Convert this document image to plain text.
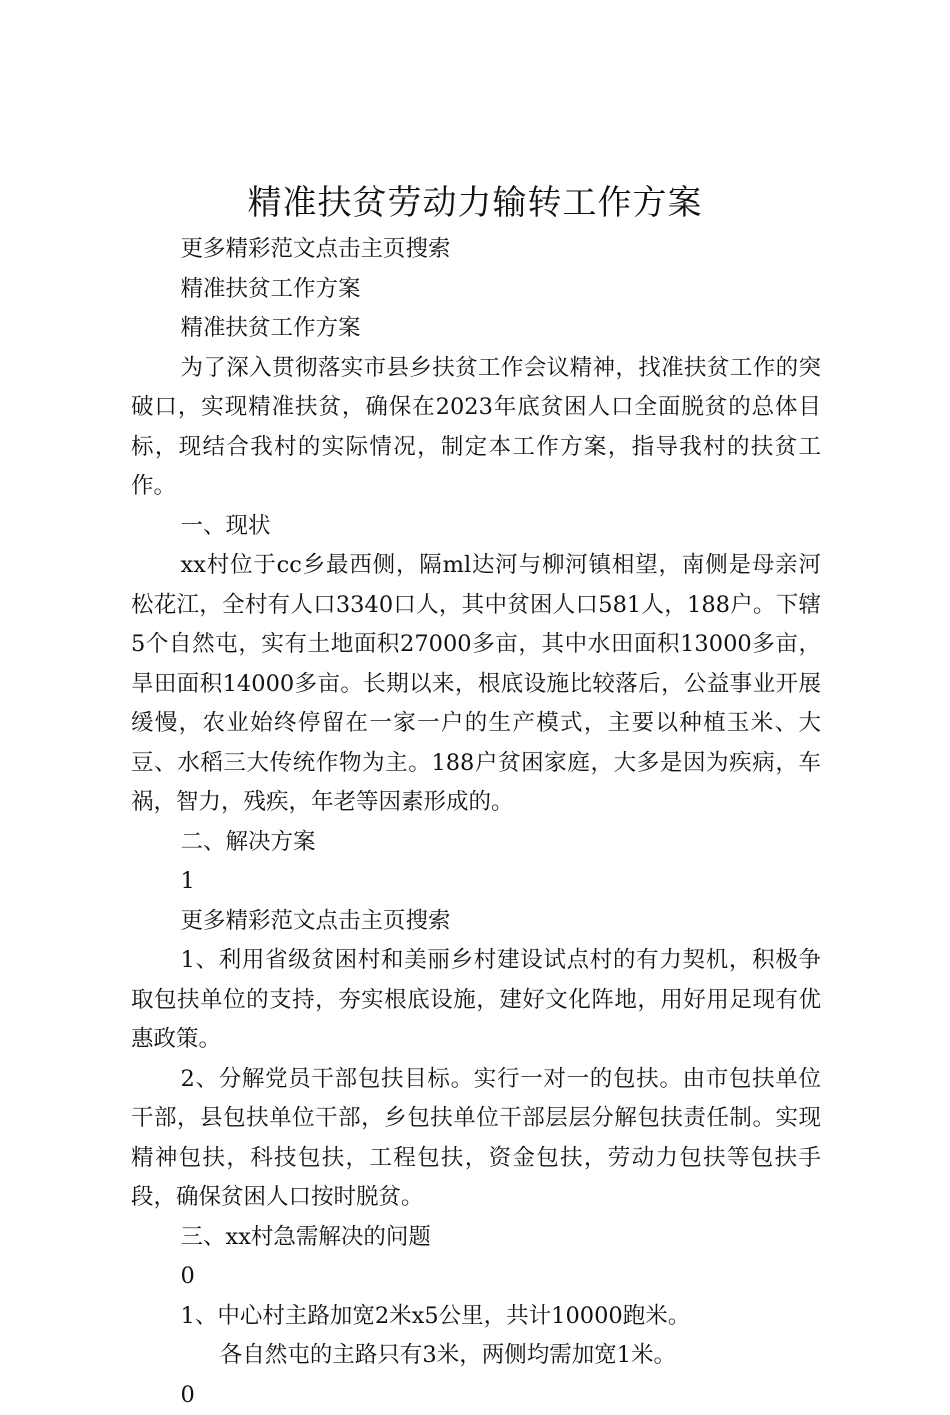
精准扶贫劳动力输转工作方案

更多精彩范文点击主页搜索

精准扶贫工作方案

精准扶贫工作方案

为了深入贯彻落实市县乡扶贫工作会议精神，找准扶贫工作的突破口，实现精准扶贫，确保在2023年底贫困人口全面脱贫的总体目标，现结合我村的实际情况，制定本工作方案，指导我村的扶贫工作。

一、现状

xx村位于cc乡最西侧，隔ml达河与柳河镇相望，南侧是母亲河松花江，全村有人口3340口人，其中贫困人口581人，188户。下辖5个自然屯，实有土地面积27000多亩，其中水田面积13000多亩，旱田面积14000多亩。长期以来，根底设施比较落后，公益事业开展缓慢，农业始终停留在一家一户的生产模式，主要以种植玉米、大豆、水稻三大传统作物为主。188户贫困家庭，大多是因为疾病，车祸，智力，残疾，年老等因素形成的。

二、解决方案

1

更多精彩范文点击主页搜索

1、利用省级贫困村和美丽乡村建设试点村的有力契机，积极争取包扶单位的支持，夯实根底设施，建好文化阵地，用好用足现有优惠政策。

2、分解党员干部包扶目标。实行一对一的包扶。由市包扶单位干部，县包扶单位干部，乡包扶单位干部层层分解包扶责任制。实现精神包扶，科技包扶，工程包扶，资金包扶，劳动力包扶等包扶手段，确保贫困人口按时脱贫。

三、xx村急需解决的问题

0

1、中心村主路加宽2米x5公里，共计10000跑米。

各自然屯的主路只有3米，两侧均需加宽1米。

0
